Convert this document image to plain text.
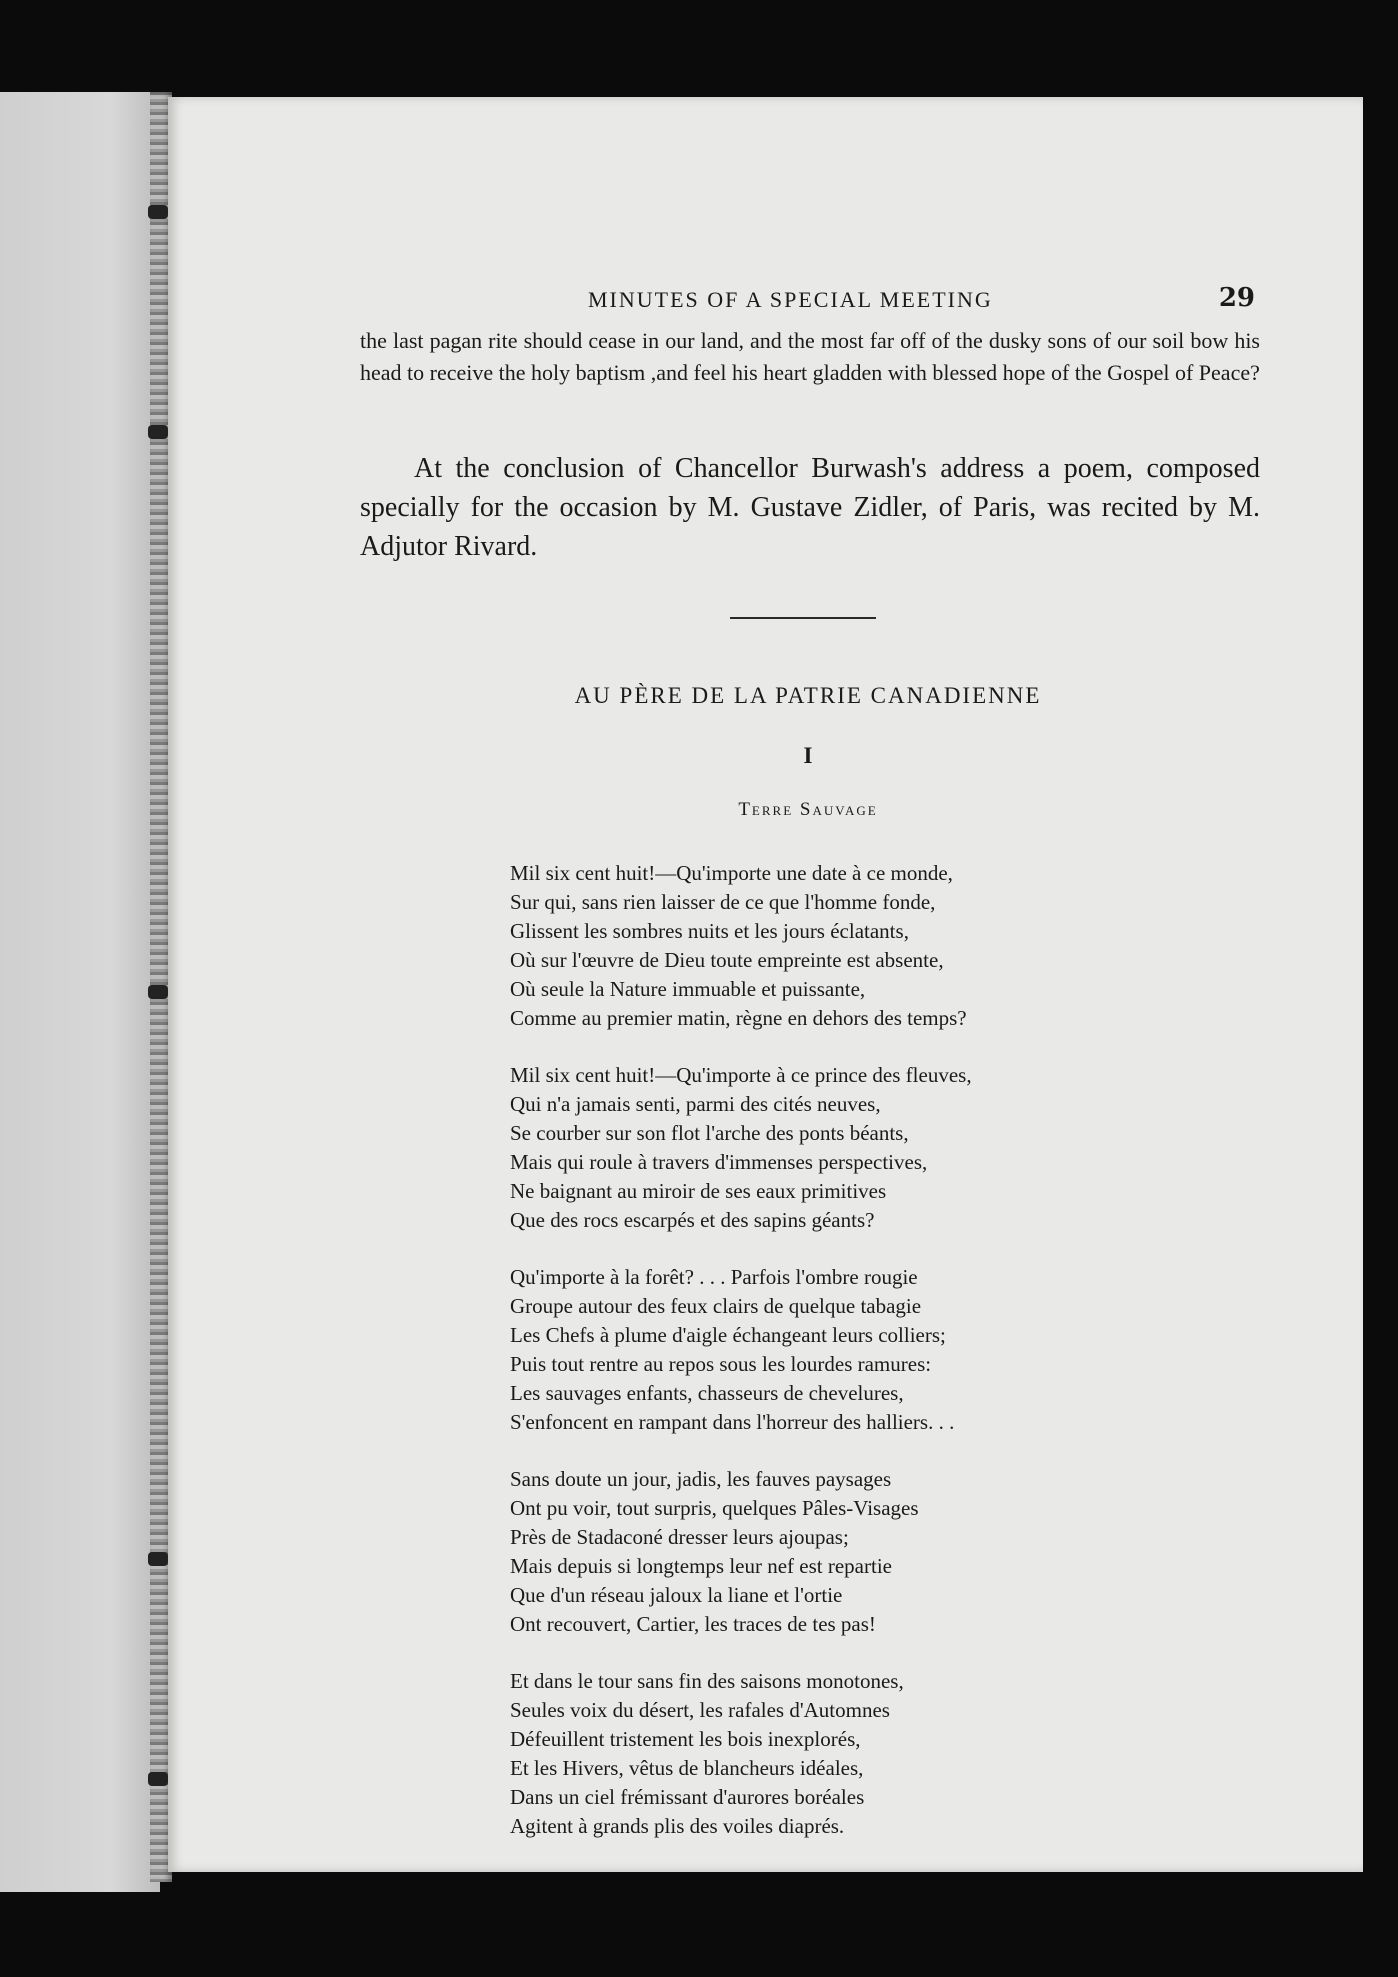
MINUTES OF A SPECIAL MEETING	29
the last pagan rite should cease in our land, and the most far off of the dusky sons of our soil bow his head to receive the holy baptism ,and feel his heart gladden with blessed hope of the Gospel of Peace?
At the conclusion of Chancellor Burwash's address a poem, composed specially for the occasion by M. Gustave Zidler, of Paris, was recited by M. Adjutor Rivard.
AU PÈRE DE LA PATRIE CANADIENNE
I
Terre Sauvage
Mil six cent huit!—Qu'importe une date à ce monde,
Sur qui, sans rien laisser de ce que l'homme fonde,
Glissent les sombres nuits et les jours éclatants,
Où sur l'œuvre de Dieu toute empreinte est absente,
Où seule la Nature immuable et puissante,
Comme au premier matin, règne en dehors des temps?
Mil six cent huit!—Qu'importe à ce prince des fleuves,
Qui n'a jamais senti, parmi des cités neuves,
Se courber sur son flot l'arche des ponts béants,
Mais qui roule à travers d'immenses perspectives,
Ne baignant au miroir de ses eaux primitives
Que des rocs escarpés et des sapins géants?
Qu'importe à la forêt? . . . Parfois l'ombre rougie
Groupe autour des feux clairs de quelque tabagie
Les Chefs à plume d'aigle échangeant leurs colliers;
Puis tout rentre au repos sous les lourdes ramures:
Les sauvages enfants, chasseurs de chevelures,
S'enfoncent en rampant dans l'horreur des halliers. . .
Sans doute un jour, jadis, les fauves paysages
Ont pu voir, tout surpris, quelques Pâles-Visages
Près de Stadaconé dresser leurs ajoupas;
Mais depuis si longtemps leur nef est repartie
Que d'un réseau jaloux la liane et l'ortie
Ont recouvert, Cartier, les traces de tes pas!
Et dans le tour sans fin des saisons monotones,
Seules voix du désert, les rafales d'Automnes
Défeuillent tristement les bois inexplorés,
Et les Hivers, vêtus de blancheurs idéales,
Dans un ciel frémissant d'aurores boréales
Agitent à grands plis des voiles diaprés.
